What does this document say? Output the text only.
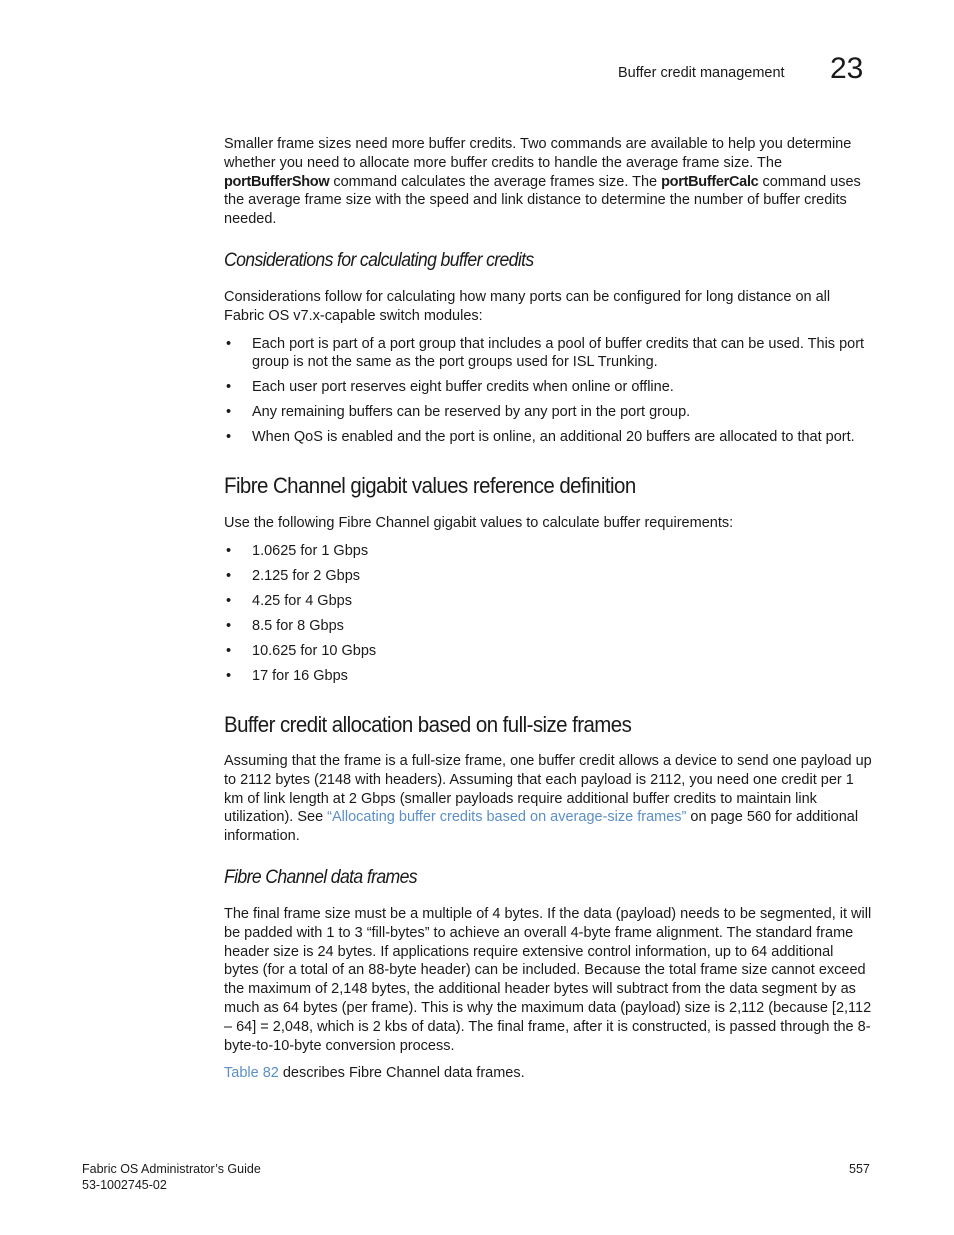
Buffer credit management 23

Smaller frame sizes need more buffer credits. Two commands are available to help you determine whether you need to allocate more buffer credits to handle the average frame size. The portBufferShow command calculates the average frames size. The portBufferCalc command uses the average frame size with the speed and link distance to determine the number of buffer credits needed.

Considerations for calculating buffer credits

Considerations follow for calculating how many ports can be configured for long distance on all Fabric OS v7.x-capable switch modules:

• Each port is part of a port group that includes a pool of buffer credits that can be used. This port group is not the same as the port groups used for ISL Trunking.
• Each user port reserves eight buffer credits when online or offline.
• Any remaining buffers can be reserved by any port in the port group.
• When QoS is enabled and the port is online, an additional 20 buffers are allocated to that port.
Fibre Channel gigabit values reference definition

Use the following Fibre Channel gigabit values to calculate buffer requirements:

• 1.0625 for 1 Gbps
• 2.125 for 2 Gbps
• 4.25 for 4 Gbps
• 8.5 for 8 Gbps
• 10.625 for 10 Gbps
• 17 for 16 Gbps
Buffer credit allocation based on full-size frames

Assuming that the frame is a full-size frame, one buffer credit allows a device to send one payload up to 2112 bytes (2148 with headers). Assuming that each payload is 2112, you need one credit per 1 km of link length at 2 Gbps (smaller payloads require additional buffer credits to maintain link utilization). See “Allocating buffer credits based on average-size frames” on page 560 for additional information.

Fibre Channel data frames

The final frame size must be a multiple of 4 bytes. If the data (payload) needs to be segmented, it will be padded with 1 to 3 “fill-bytes” to achieve an overall 4-byte frame alignment. The standard frame header size is 24 bytes. If applications require extensive control information, up to 64 additional bytes (for a total of an 88-byte header) can be included. Because the total frame size cannot exceed the maximum of 2,148 bytes, the additional header bytes will subtract from the data segment by as much as 64 bytes (per frame). This is why the maximum data (payload) size is 2,112 (because [2,112 – 64] = 2,048, which is 2 kbs of data). The final frame, after it is constructed, is passed through the 8-byte-to-10-byte conversion process.

Table 82 describes Fibre Channel data frames.

Fabric OS Administrator’s Guide
53-1002745-02
557
